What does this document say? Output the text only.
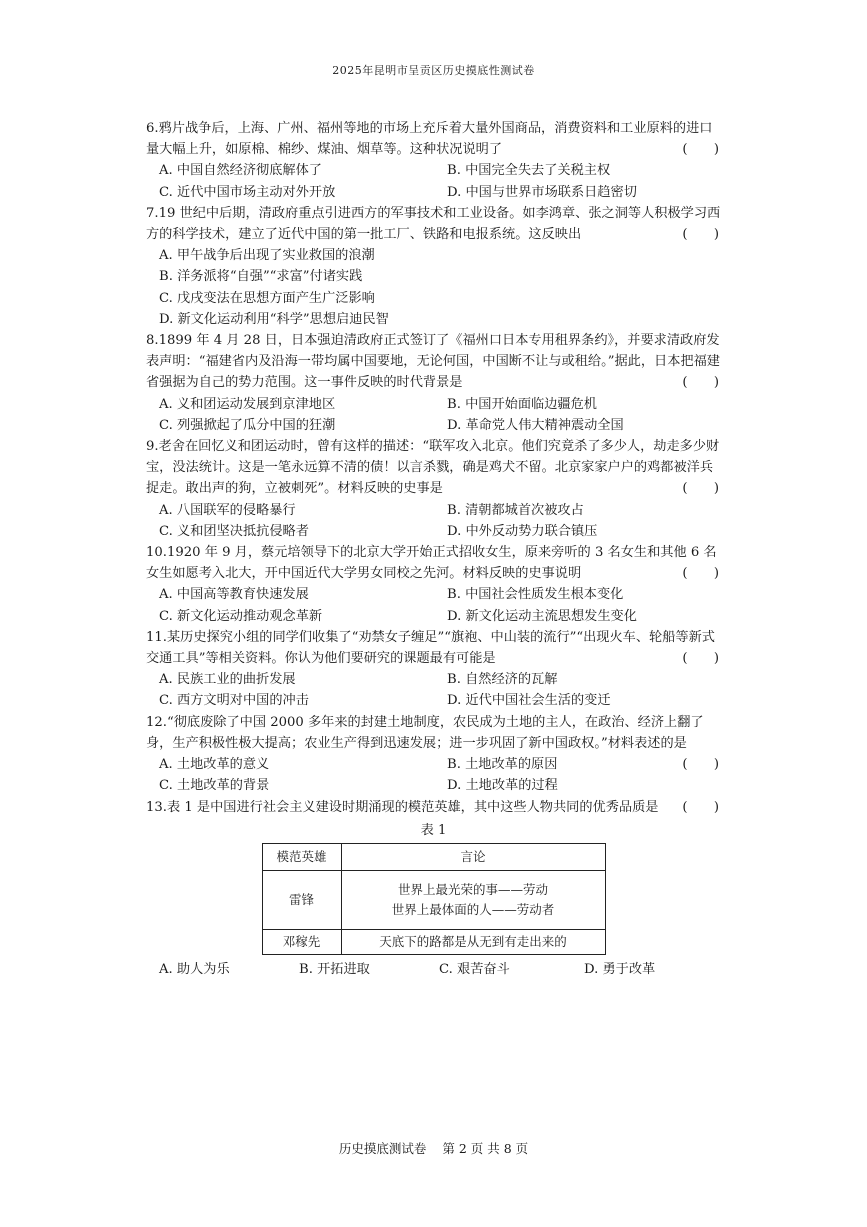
2025年昆明市呈贡区历史摸底性测试卷

6.鸦片战争后，上海、广州、福州等地的市场上充斥着大量外国商品，消费资料和工业原料的进口量大幅上升，如原棉、棉纱、煤油、烟草等。这种状况说明了	(　　)

A. 中国自然经济彻底解体了	B. 中国完全失去了关税主权
C. 近代中国市场主动对外开放	D. 中国与世界市场联系日趋密切

7.19 世纪中后期，清政府重点引进西方的军事技术和工业设备。如李鸿章、张之洞等人积极学习西方的科学技术，建立了近代中国的第一批工厂、铁路和电报系统。这反映出	(　　)

A. 甲午战争后出现了实业救国的浪潮
B. 洋务派将“自强”“求富”付诸实践
C. 戊戌变法在思想方面产生广泛影响
D. 新文化运动利用“科学”思想启迪民智

8.1899 年 4 月 28 日，日本强迫清政府正式签订了《福州口日本专用租界条约》，并要求清政府发表声明：“福建省内及沿海一带均属中国要地，无论何国，中国断不让与或租给。”据此，日本把福建省强据为自己的势力范围。这一事件反映的时代背景是	(　　)

A. 义和团运动发展到京津地区	B. 中国开始面临边疆危机
C. 列强掀起了瓜分中国的狂潮	D. 革命党人伟大精神震动全国

9.老舍在回忆义和团运动时，曾有这样的描述：“联军攻入北京。他们究竟杀了多少人，劫走多少财宝，没法统计。这是一笔永远算不清的债！以言杀戮，确是鸡犬不留。北京家家户户的鸡都被洋兵捉走。敢出声的狗，立被刺死”。材料反映的史事是	(　　)

A. 八国联军的侵略暴行	B. 清朝都城首次被攻占
C. 义和团坚决抵抗侵略者	D. 中外反动势力联合镇压

10.1920 年 9 月，蔡元培领导下的北京大学开始正式招收女生，原来旁听的 3 名女生和其他 6 名女生如愿考入北大，开中国近代大学男女同校之先河。材料反映的史事说明	(　　)

A. 中国高等教育快速发展	B. 中国社会性质发生根本变化
C. 新文化运动推动观念革新	D. 新文化运动主流思想发生变化

11.某历史探究小组的同学们收集了“劝禁女子缠足”“旗袍、中山装的流行”“出现火车、轮船等新式交通工具”等相关资料。你认为他们要研究的课题最有可能是	(　　)

A. 民族工业的曲折发展	B. 自然经济的瓦解
C. 西方文明对中国的冲击	D. 近代中国社会生活的变迁

12.“彻底废除了中国 2000 多年来的封建土地制度，农民成为土地的主人，在政治、经济上翻了身，生产积极性极大提高；农业生产得到迅速发展；进一步巩固了新中国政权。”材料表述的是
(　　)

A. 土地改革的意义	B. 土地改革的原因
C. 土地改革的背景	D. 土地改革的过程

13.表 1 是中国进行社会主义建设时期涌现的模范英雄，其中这些人物共同的优秀品质是 (　　)

表 1
模范英雄	言论
雷锋	世界上最光荣的事——劳动
世界上最体面的人——劳动者

邓稼先	天底下的路都是从无到有走出来的
A. 助人为乐	B. 开拓进取	C. 艰苦奋斗	D. 勇于改革
历史摸底测试卷 第 2 页 共 8 页
